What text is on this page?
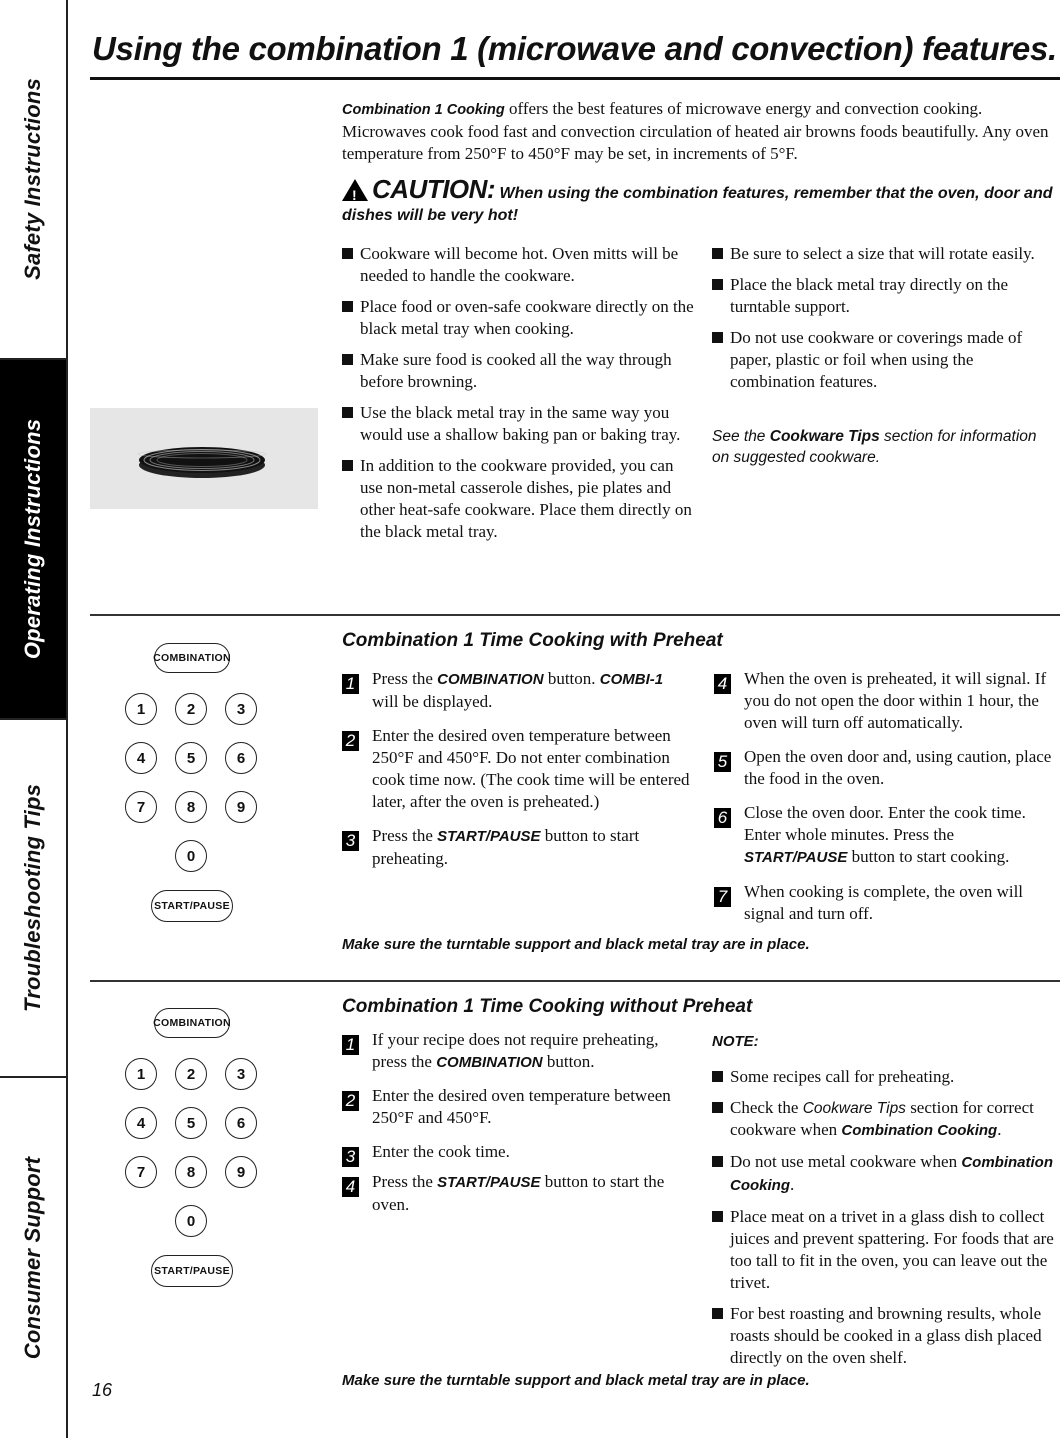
Safety Instructions
Operating Instructions
Troubleshooting Tips
Consumer Support
Using the combination 1 (microwave and convection) features.
Combination 1 Cooking offers the best features of microwave energy and convection cooking. Microwaves cook food fast and convection circulation of heated air browns foods beautifully. Any oven temperature from 250°F to 450°F may be set, in increments of 5°F.
!CAUTION: When using the combination features, remember that the oven, door and dishes will be very hot!
Cookware will become hot. Oven mitts will be needed to handle the cookware.
Place food or oven-safe cookware directly on the black metal tray when cooking.
Make sure food is cooked all the way through before browning.
Use the black metal tray in the same way you would use a shallow baking pan or baking tray.
In addition to the cookware provided, you can use non-metal casserole dishes, pie plates and other heat-safe cookware. Place them directly on the black metal tray.
Be sure to select a size that will rotate easily.
Place the black metal tray directly on the turntable support.
Do not use cookware or coverings made of paper, plastic or foil when using the combination features.
See the Cookware Tips section for information on suggested cookware.
COMBINATION
1	2	3
4	5	6
7	8	9
0
START/PAUSE
Combination 1 Time Cooking with Preheat
1 Press the COMBINATION button. COMBI-1 will be displayed.
2 Enter the desired oven temperature between 250°F and 450°F. Do not enter combination cook time now. (The cook time will be entered later, after the oven is preheated.)
3 Press the START/PAUSE button to start preheating.
4 When the oven is preheated, it will signal. If you do not open the door within 1 hour, the oven will turn off automatically.
5 Open the oven door and, using caution, place the food in the oven.
6 Close the oven door. Enter the cook time. Enter whole minutes. Press the START/PAUSE button to start cooking.
7 When cooking is complete, the oven will signal and turn off.
Make sure the turntable support and black metal tray are in place.
COMBINATION
1	2	3
4	5	6
7	8	9
0
START/PAUSE
Combination 1 Time Cooking without Preheat
1 If your recipe does not require preheating, press the COMBINATION button.
2 Enter the desired oven temperature between 250°F and 450°F.
3 Enter the cook time.
4 Press the START/PAUSE button to start the oven.
NOTE:
Some recipes call for preheating.
Check the Cookware Tips section for correct cookware when Combination Cooking.
Do not use metal cookware when Combination Cooking.
Place meat on a trivet in a glass dish to collect juices and prevent spattering. For foods that are too tall to fit in the oven, you can leave out the trivet.
For best roasting and browning results, whole roasts should be cooked in a glass dish placed directly on the oven shelf.
Make sure the turntable support and black metal tray are in place.
16
